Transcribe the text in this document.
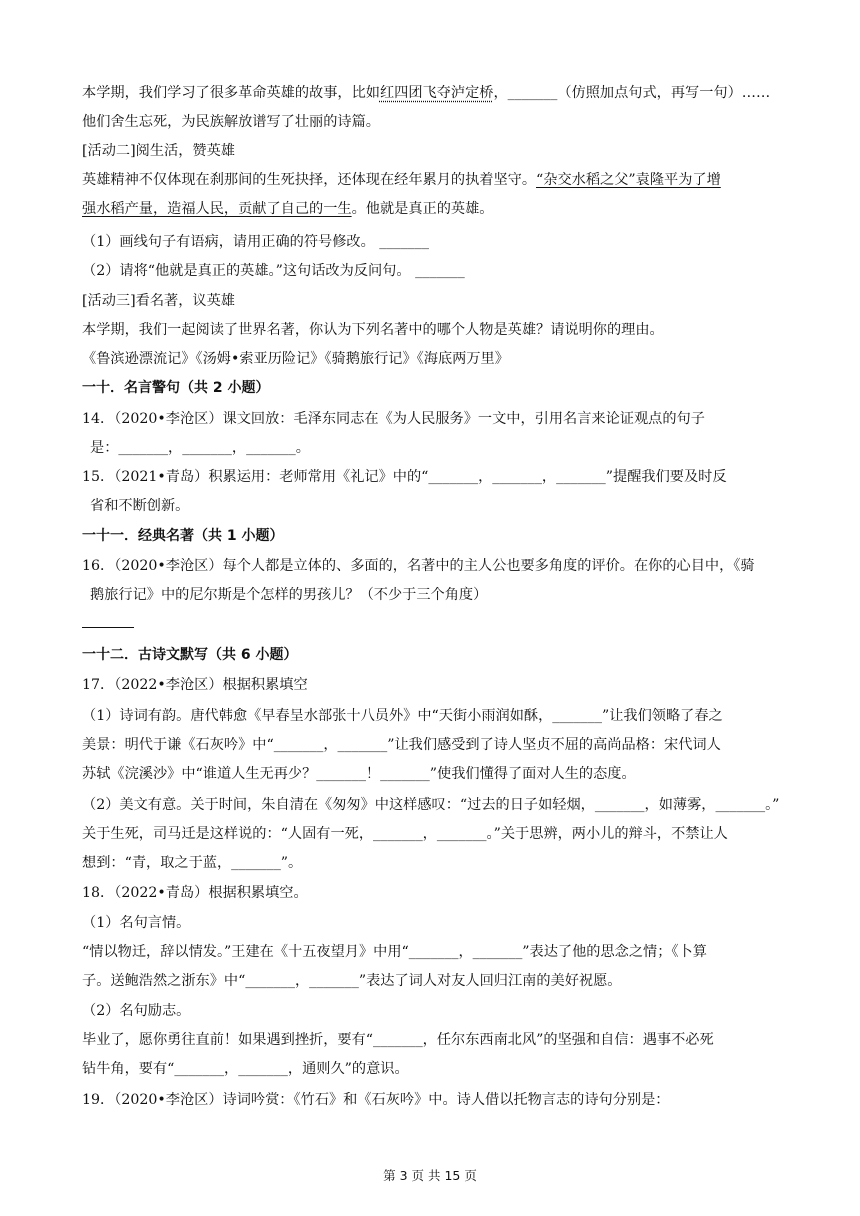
本学期，我们学习了很多革命英雄的故事，比如红四团飞夺泸定桥，_______（仿照加点句式，再写一句）……
他们舍生忘死，为民族解放谱写了壮丽的诗篇。
[活动二]阅生活，赞英雄
英雄精神不仅体现在刹那间的生死抉择，还体现在经年累月的执着坚守。“杂交水稻之父”袁隆平为了增
强水稻产量，造福人民，贡献了自己的一生。他就是真正的英雄。
（1）画线句子有语病，请用正确的符号修改。 _______
（2）请将“他就是真正的英雄。”这句话改为反问句。 _______
[活动三]看名著，议英雄
本学期，我们一起阅读了世界名著，你认为下列名著中的哪个人物是英雄？请说明你的理由。
《鲁滨逊漂流记》《汤姆•索亚历险记》《骑鹅旅行记》《海底两万里》
一十．名言警句（共 2 小题）
14．（2020•李沧区）课文回放：毛泽东同志在《为人民服务》一文中，引用名言来论证观点的句子
是：_______，_______，_______。
15．（2021•青岛）积累运用：老师常用《礼记》中的“_______，_______，_______”提醒我们要及时反
省和不断创新。
一十一．经典名著（共 1 小题）
16．（2020•李沧区）每个人都是立体的、多面的，名著中的主人公也要多角度的评价。在你的心目中，《骑
鹅旅行记》中的尼尔斯是个怎样的男孩儿？（不少于三个角度）
一十二．古诗文默写（共 6 小题）
17．（2022•李沧区）根据积累填空
（1）诗词有韵。唐代韩愈《早春呈水部张十八员外》中“天街小雨润如酥，_______”让我们领略了春之
美景：明代于谦《石灰吟》中“_______，_______”让我们感受到了诗人坚贞不屈的高尚品格：宋代词人
苏轼《浣溪沙》中“谁道人生无再少？_______！_______”使我们懂得了面对人生的态度。
（2）美文有意。关于时间，朱自清在《匆匆》中这样感叹：“过去的日子如轻烟，_______，如薄雾，_______。”
关于生死，司马迁是这样说的：“人固有一死，_______，_______。”关于思辨，两小儿的辩斗，不禁让人
想到：“青，取之于蓝，_______”。
18．（2022•青岛）根据积累填空。
（1）名句言情。
“情以物迁，辞以情发。”王建在《十五夜望月》中用“_______，_______”表达了他的思念之情；《卜算
子。送鲍浩然之浙东》中“_______，_______”表达了词人对友人回归江南的美好祝愿。
（2）名句励志。
毕业了，愿你勇往直前！如果遇到挫折，要有“_______，任尔东西南北风”的坚强和自信：遇事不必死
钻牛角，要有“_______，_______，通则久”的意识。
19．（2020•李沧区）诗词吟赏：《竹石》和《石灰吟》中。诗人借以托物言志的诗句分别是：
第 3 页 共 15 页
